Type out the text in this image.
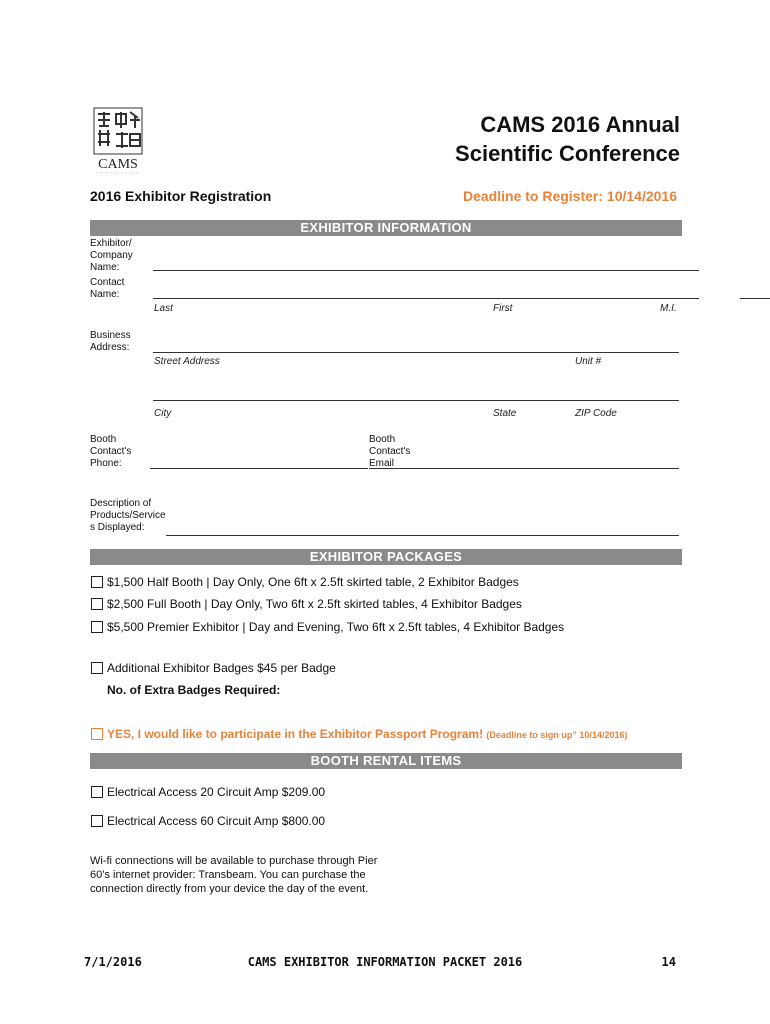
CAMS
CAMS 2016 Annual
Scientific Conference
2016 Exhibitor Registration	Deadline to Register: 10/14/2016
EXHIBITOR INFORMATION
Exhibitor/
Company
Name:
Contact
Name:
Last	First	M.I.
Business
Address:
Street Address	Unit #
City	State	ZIP Code
Booth
Contact's
Phone:
Booth
Contact's
Email
Description of
Products/Service
s Displayed:
EXHIBITOR PACKAGES
$1,500 Half Booth | Day Only, One 6ft x 2.5ft skirted table, 2 Exhibitor Badges
$2,500 Full Booth | Day Only, Two 6ft x 2.5ft skirted tables, 4 Exhibitor Badges
$5,500 Premier Exhibitor | Day and Evening, Two 6ft x 2.5ft tables, 4 Exhibitor Badges
Additional Exhibitor Badges $45 per Badge
No. of Extra Badges Required:
YES, I would like to participate in the Exhibitor Passport Program! (Deadline to sign up” 10/14/2016)
BOOTH RENTAL ITEMS
Electrical Access 20 Circuit Amp $209.00
Electrical Access 60 Circuit Amp $800.00
Wi-fi connections will be available to purchase through Pier
60’s internet provider: Transbeam. You can purchase the
connection directly from your device the day of the event.
7/1/2016	CAMS EXHIBITOR INFORMATION PACKET 2016	14
